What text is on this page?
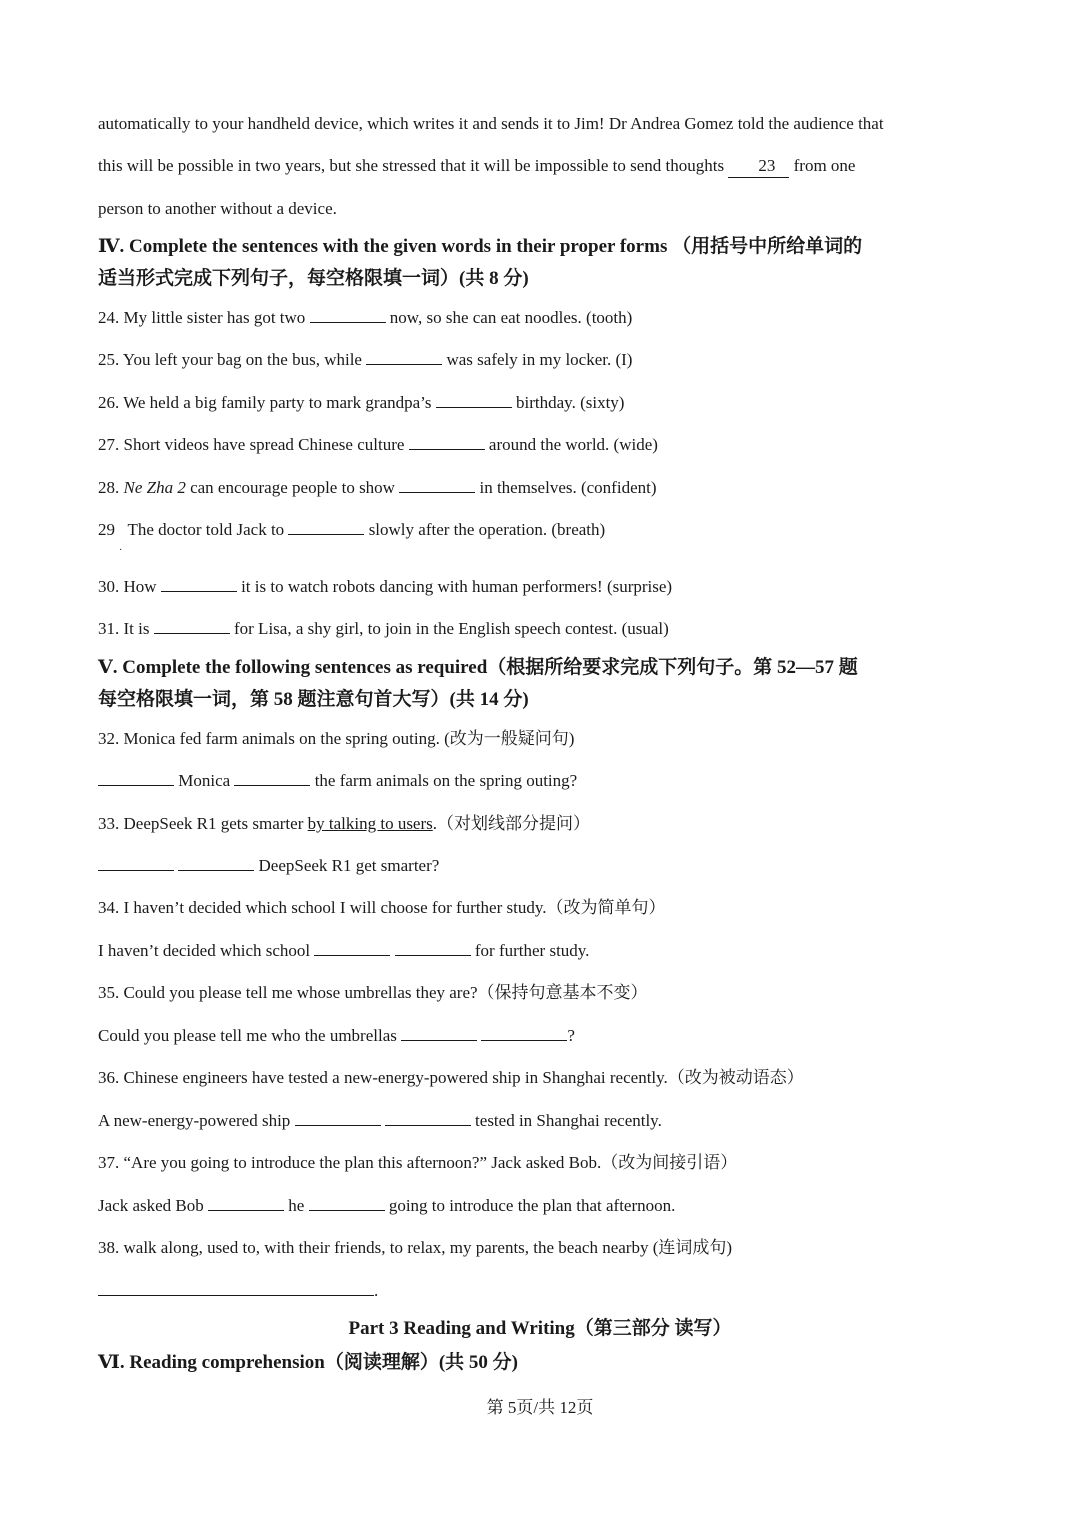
automatically to your handheld device, which writes it and sends it to Jim! Dr Andrea Gomez told the audience that
this will be possible in two years, but she stressed that it will be impossible to send thoughts 23 from one
person to another without a device.
Ⅳ. Complete the sentences with the given words in their proper forms （用括号中所给单词的
适当形式完成下列句子，每空格限填一词）(共 8 分)
24. My little sister has got two	now, so she can eat noodles. (tooth)
25. You left your bag on the bus, while	was safely in my locker. (I)
26. We held a big family party to mark grandpa’s	birthday. (sixty)
27. Short videos have spread Chinese culture	around the world. (wide)
28. Ne Zha 2 can encourage people to show	in themselves. (confident)
29   The doctor told Jack to	slowly after the operation. (breath)
·
30. How	it is to watch robots dancing with human performers! (surprise)
31. It is	for Lisa, a shy girl, to join in the English speech contest. (usual)
Ⅴ. Complete the following sentences as required（根据所给要求完成下列句子。第 52—57 题
每空格限填一词，第 58 题注意句首大写）(共 14 分)
32. Monica fed farm animals on the spring outing. (改为一般疑问句)
Monica	the farm animals on the spring outing?
33. DeepSeek R1 gets smarter by talking to users.（对划线部分提问）
DeepSeek R1 get smarter?
34. I haven’t decided which school I will choose for further study.（改为简单句）
I haven’t decided which school	for further study.
35. Could you please tell me whose umbrellas they are?（保持句意基本不变）
Could you please tell me who the umbrellas	?
36. Chinese engineers have tested a new-energy-powered ship in Shanghai recently.（改为被动语态）
A new-energy-powered ship	tested in Shanghai recently.
37. “Are you going to introduce the plan this afternoon?” Jack asked Bob.（改为间接引语）
Jack asked Bob	he	going to introduce the plan that afternoon.
38. walk along, used to, with their friends, to relax, my parents, the beach nearby (连词成句)
.
Part 3 Reading and Writing（第三部分 读写）
Ⅵ. Reading comprehension（阅读理解）(共 50 分)
第 5页/共 12页
